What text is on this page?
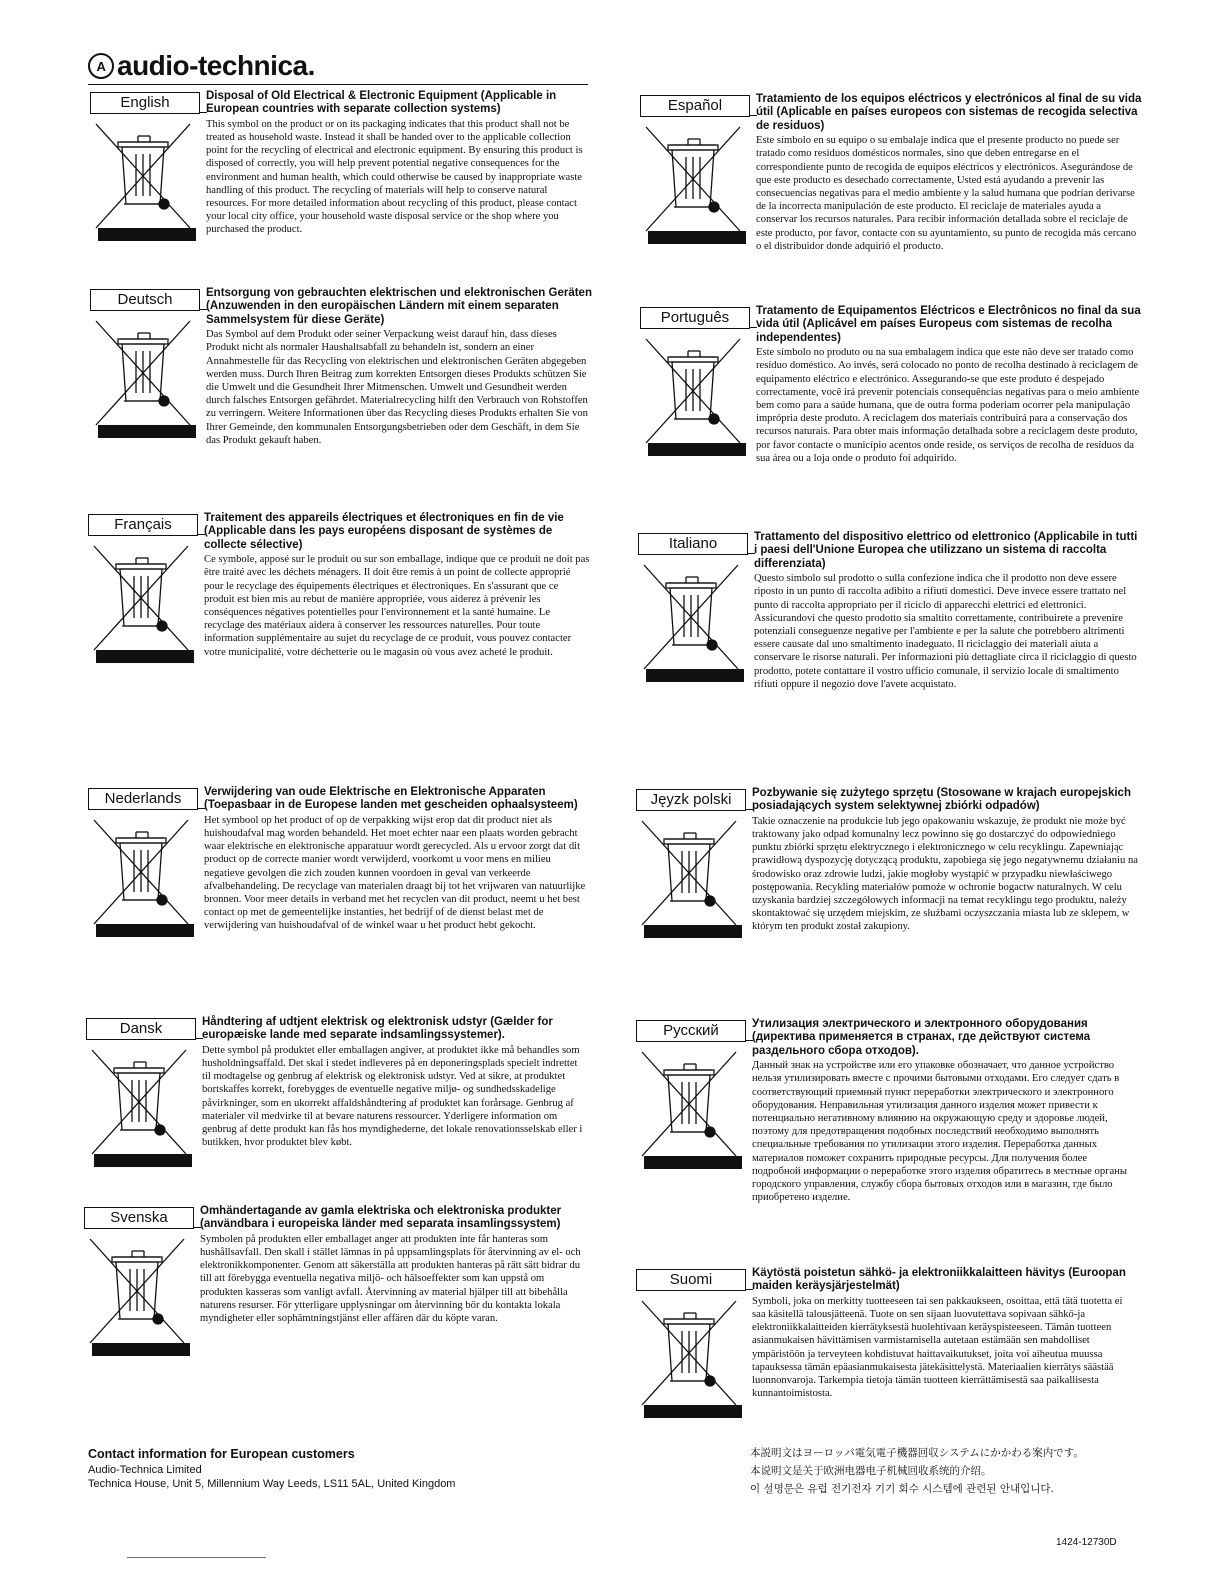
A audio-technica .
English	Disposal of Old Electrical & Electronic Equipment (Applicable in European countries with separate collection systems)

This symbol on the product or on its packaging indicates that this product shall not be treated as household waste. Instead it shall be handed over to the applicable collection point for the recycling of electrical and electronic equipment. By ensuring this product is disposed of correctly, you will help prevent potential negative consequences for the environment and human health, which could otherwise be caused by inappropriate waste handling of this product. The recycling of materials will help to conserve natural resources. For more detailed information about recycling of this product, please contact your local city office, your household waste disposal service or the shop where you purchased the product.

Deutsch	Entsorgung von gebrauchten elektrischen und elektronischen Geräten (Anzuwenden in den europäischen Ländern mit einem separaten Sammelsystem für diese Geräte)

Das Symbol auf dem Produkt oder seiner Verpackung weist darauf hin, dass dieses Produkt nicht als normaler Haushaltsabfall zu behandeln ist, sondern an einer Annahmestelle für das Recycling von elektrischen und elektronischen Geräten abgegeben werden muss. Durch Ihren Beitrag zum korrekten Entsorgen dieses Produkts schützen Sie die Umwelt und die Gesundheit Ihrer Mitmenschen. Umwelt und Gesundheit werden durch falsches Entsorgen gefährdet. Materialrecycling hilft den Verbrauch von Rohstoffen zu verringern. Weitere Informationen über das Recycling dieses Produkts erhalten Sie von Ihrer Gemeinde, den kommunalen Entsorgungsbetrieben oder dem Geschäft, in dem Sie das Produkt gekauft haben.

Français	Traitement des appareils électriques et électroniques en fin de vie (Applicable dans les pays européens disposant de systèmes de collecte sélective)

Ce symbole, apposé sur le produit ou sur son emballage, indique que ce produit ne doit pas être traité avec les déchets ménagers. Il doit être remis à un point de collecte approprié pour le recyclage des équipements électriques et électroniques. En s'assurant que ce produit est bien mis au rebut de manière appropriée, vous aiderez à prévenir les conséquences négatives potentielles pour l'environnement et la santé humaine. Le recyclage des matériaux aidera à conserver les ressources naturelles. Pour toute information supplémentaire au sujet du recyclage de ce produit, vous pouvez contacter votre municipalité, votre déchetterie ou le magasin où vous avez acheté le produit.

Nederlands	Verwijdering van oude Elektrische en Elektronische Apparaten (Toepasbaar in de Europese landen met gescheiden ophaalsysteem)

Het symbool op het product of op de verpakking wijst erop dat dit product niet als huishoudafval mag worden behandeld. Het moet echter naar een plaats worden gebracht waar elektrische en elektronische apparatuur wordt gerecycled. Als u ervoor zorgt dat dit product op de correcte manier wordt verwijderd, voorkomt u voor mens en milieu negatieve gevolgen die zich zouden kunnen voordoen in geval van verkeerde afvalbehandeling. De recyclage van materialen draagt bij tot het vrijwaren van natuurlijke bronnen. Voor meer details in verband met het recyclen van dit product, neemt u het best contact op met de gemeentelijke instanties, het bedrijf of de dienst belast met de verwijdering van huishoudafval of de winkel waar u het product hebt gekocht.

Dansk	Håndtering af udtjent elektrisk og elektronisk udstyr (Gælder for europæiske lande med separate indsamlingssystemer).

Dette symbol på produktet eller emballagen angiver, at produktet ikke må behandles som husholdningsaffald. Det skal i stedet indleveres på en deponeringsplads specielt indrettet til modtagelse og genbrug af elektrisk og elektronisk udstyr. Ved at sikre, at produktet bortskaffes korrekt, forebygges de eventuelle negative miljø- og sundhedsskadelige påvirkninger, som en ukorrekt affaldshåndtering af produktet kan forårsage. Genbrug af materialer vil medvirke til at bevare naturens ressourcer. Yderligere information om genbrug af dette produkt kan fås hos myndighederne, det lokale renovationsselskab eller i butikken, hvor produktet blev købt.

Svenska	Omhändertagande av gamla elektriska och elektroniska produkter (användbara i europeiska länder med separata insamlingssystem)

Symbolen på produkten eller emballaget anger att produkten inte får hanteras som hushållsavfall. Den skall i stället lämnas in på uppsamlingsplats för återvinning av el- och elektronikkomponenter. Genom att säkerställa att produkten hanteras på rätt sätt bidrar du till att förebygga eventuella negativa miljö- och hälsoeffekter som kan uppstå om produkten kasseras som vanligt avfall. Återvinning av material hjälper till att bibehålla naturens resurser. För ytterligare upplysningar om återvinning bör du kontakta lokala myndigheter eller sophämtningstjänst eller affären där du köpte varan.

Español	Tratamiento de los equipos eléctricos y electrónicos al final de su vida útil (Aplicable en países europeos con sistemas de recogida selectiva de residuos)

Este símbolo en su equipo o su embalaje indica que el presente producto no puede ser tratado como residuos domésticos normales, sino que deben entregarse en el correspondiente punto de recogida de equipos eléctricos y electrónicos. Asegurándose de que este producto es desechado correctamente, Usted está ayudando a prevenir las consecuencias negativas para el medio ambiente y la salud humana que podrían derivarse de la incorrecta manipulación de este producto. El reciclaje de materiales ayuda a conservar los recursos naturales. Para recibir información detallada sobre el reciclaje de este producto, por favor, contacte con su ayuntamiento, su punto de recogida más cercano o el distribuidor donde adquirió el producto.

Português	Tratamento de Equipamentos Eléctricos e Electrônicos no final da sua vida útil (Aplicável em países Europeus com sistemas de recolha independentes)

Este símbolo no produto ou na sua embalagem indica que este não deve ser tratado como resíduo doméstico. Ao invés, será colocado no ponto de recolha destinado à reciclagem de equipamento eléctrico e electrónico. Assegurando-se que este produto é despejado correctamente, você irá prevenir potenciais consequências negativas para o meio ambiente bem como para a saúde humana, que de outra forma poderiam ocorrer pela manipulação imprópria deste produto. A reciclagem dos materiais contribuirá para a conservação dos recursos naturais. Para obter mais informação detalhada sobre a reciclagem deste produto, por favor contacte o município acentos onde reside, os serviços de recolha de resíduos da sua área ou a loja onde o produto foi adquirido.

Italiano	Trattamento del dispositivo elettrico od elettronico (Applicabile in tutti i paesi dell'Unione Europea che utilizzano un sistema di raccolta differenziata)

Questo simbolo sul prodotto o sulla confezione indica che il prodotto non deve essere riposto in un punto di raccolta adibito a rifiuti domestici. Deve invece essere trattato nel punto di raccolta appropriato per il riciclo di apparecchi elettrici ed elettronici. Assicurandovi che questo prodotto sia smaltito correttamente, contribuirete a prevenire potenziali conseguenze negative per l'ambiente e per la salute che potrebbero altrimenti essere causate dal uno smaltimento inadeguato. Il riciclaggio dei materiali aiuta a conservare le risorse naturali. Per informazioni più dettagliate circa il riciclaggio di questo prodotto, potete contattare il vostro ufficio comunale, il servizio locale di smaltimento rifiuti oppure il negozio dove l'avete acquistato.

Jęyzk polski	Pozbywanie się zużytego sprzętu (Stosowane w krajach europejskich posiadających system selektywnej zbiórki odpadów)

Takie oznaczenie na produkcie lub jego opakowaniu wskazuje, że produkt nie może być traktowany jako odpad komunalny lecz powinno się go dostarczyć do odpowiedniego punktu zbiórki sprzętu elektrycznego i elektronicznego w celu recyklingu. Zapewniając prawidłową dyspozycję dotyczącą produktu, zapobiega się jego negatywnemu działaniu na środowisko oraz zdrowie ludzi, jakie mogłoby wystąpić w przypadku niewłaściwego postępowania. Recykling materiałów pomoże w ochronie bogactw naturalnych. W celu uzyskania bardziej szczegółowych informacji na temat recyklingu tego produktu, należy skontaktować się urzędem miejskim, ze służbami oczyszczania miasta lub ze sklepem, w którym ten produkt został zakupiony.

Русский	Утилизация электрического и электронного оборудования (директива применяется в странах, где действуют система раздельного сбора отходов).

Данный знак на устройстве или его упаковке обозначает, что данное устройство нельзя утилизировать вместе с прочими бытовыми отходами. Его следует сдать в соответствующий приемный пункт переработки электрического и электронного оборудования. Неправильная утилизация данного изделия может привести к потенциально негативному влиянию на окружающую среду и здоровье людей, поэтому для предотвращения подобных последствий необходимо выполнять специальные требования по утилизации этого изделия. Переработка данных материалов поможет сохранить природные ресурсы. Для получения более подробной информации о переработке этого изделия обратитесь в местные органы городского управления, службу сбора бытовых отходов или в магазин, где было приобретено изделие.

Suomi	Käytöstä poistetun sähkö- ja elektroniikkalaitteen hävitys (Euroopan maiden keräysjärjestelmät)

Symboli, joka on merkitty tuotteeseen tai sen pakkaukseen, osoittaa, että tätä tuotetta ei saa käsitellä talousjätteenä. Tuote on sen sijaan luovutettava sopivaan sähkö-ja elektroniikkalaitteiden kierrätyksestä huolehtivaan keräyspisteeseen. Tämän tuotteen asianmukaisen hävittämisen varmistamisella autetaan estämään sen mahdolliset ympäristöön ja terveyteen kohdistuvat haittavaikutukset, joita voi aiheutua muussa tapauksessa tämän epäasianmukaisesta jätekäsittelystä. Materiaalien kierrätys säästää luonnonvaroja. Tarkempia tietoja tämän tuotteen kierrättämisestä saa paikallisesta kunnantoimistosta.

Contact information for European customers
Audio-Technica Limited
Technica House, Unit 5, Millennium Way Leeds, LS11 5AL, United Kingdom
本説明文はヨーロッパ電気電子機器回収システムにかかわる案内です。
本说明文是关于欧洲电器电子机械回收系统的介绍。
이 설명문은 유럽 전기전자 기기 회수 시스템에 관련된 안내입니다.
1424-12730D
